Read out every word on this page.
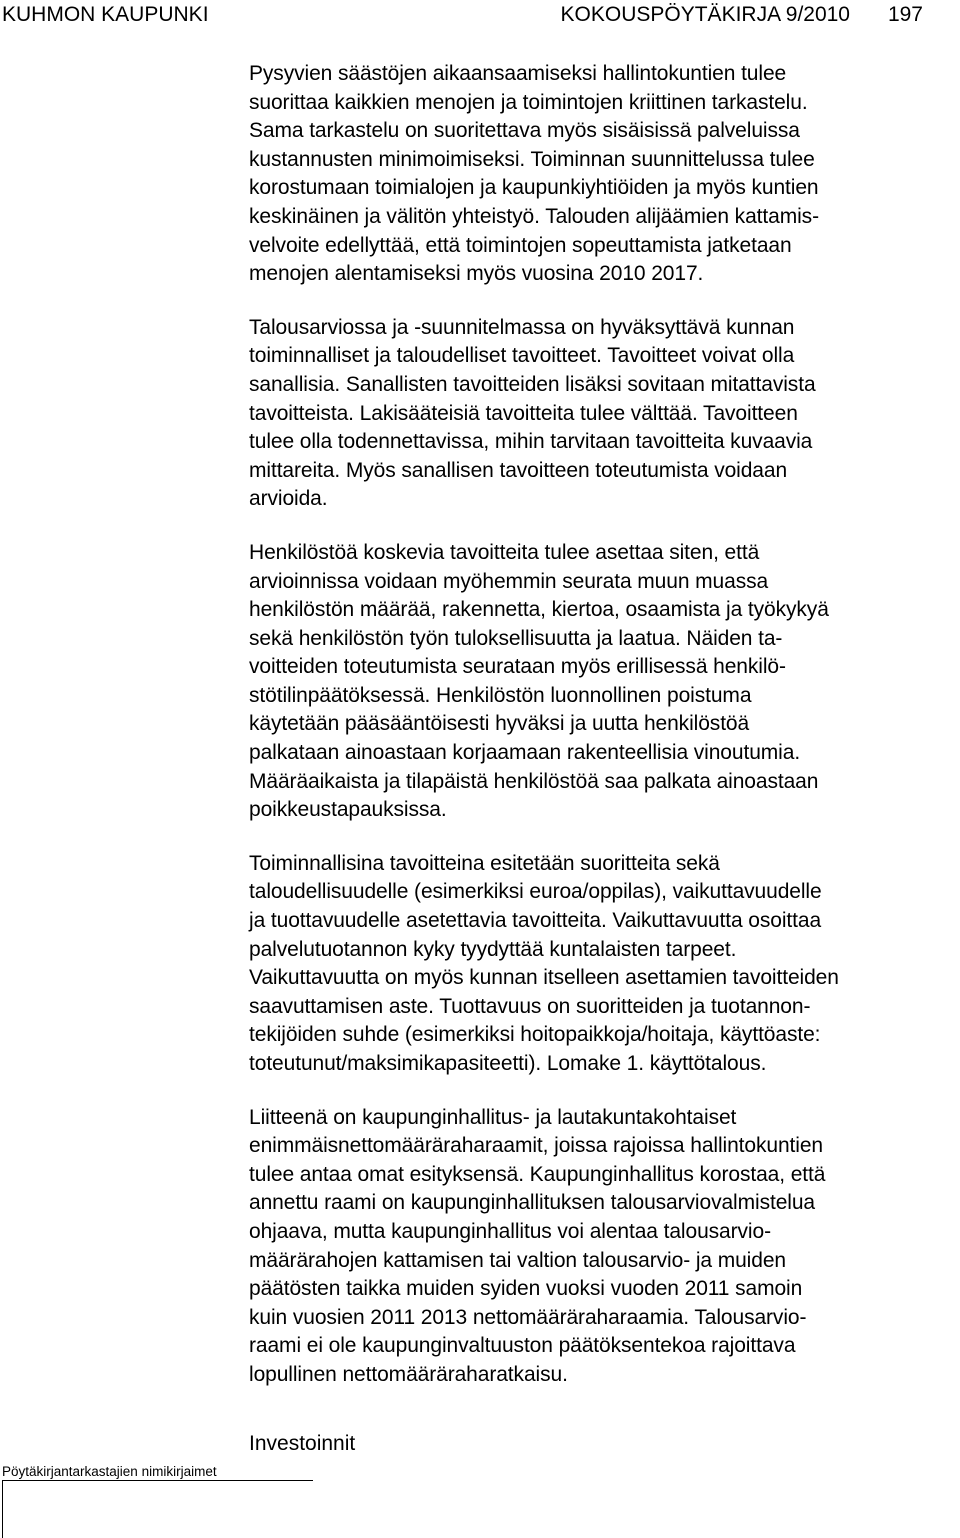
KUHMON KAUPUNKI	KOKOUSPÖYTÄKIRJA 9/2010 197

Pysyvien säästöjen aikaansaamiseksi hallintokuntien tulee
suorittaa kaikkien menojen ja toimintojen kriittinen tarkastelu.
Sama tarkastelu on suoritettava myös sisäisissä palveluissa
kustannusten minimoimiseksi. Toiminnan suunnittelussa tulee
korostumaan toimialojen ja kaupunkiyhtiöiden ja myös kuntien
keskinäinen ja välitön yhteistyö. Talouden alijäämien kattamis-
velvoite edellyttää, että toimintojen sopeuttamista jatketaan
menojen alentamiseksi myös vuosina 2010 2017.

Talousarviossa ja -suunnitelmassa on hyväksyttävä kunnan
toiminnalliset ja taloudelliset tavoitteet. Tavoitteet voivat olla
sanallisia. Sanallisten tavoitteiden lisäksi sovitaan mitattavista
tavoitteista. Lakisääteisiä tavoitteita tulee välttää. Tavoitteen
tulee olla todennettavissa, mihin tarvitaan tavoitteita kuvaavia
mittareita. Myös sanallisen tavoitteen toteutumista voidaan
arvioida.

Henkilöstöä koskevia tavoitteita tulee asettaa siten, että
arvioinnissa voidaan myöhemmin seurata muun muassa
henkilöstön määrää, rakennetta, kiertoa, osaamista ja työkykyä
sekä henkilöstön työn tuloksellisuutta ja laatua. Näiden ta-
voitteiden toteutumista seurataan myös erillisessä henkilö-
stötilinpäätöksessä. Henkilöstön luonnollinen poistuma
käytetään pääsääntöisesti hyväksi ja uutta henkilöstöä
palkataan ainoastaan korjaamaan rakenteellisia vinoutumia.
Määräaikaista ja tilapäistä henkilöstöä saa palkata ainoastaan
poikkeustapauksissa.

Toiminnallisina tavoitteina esitetään suoritteita sekä
taloudellisuudelle (esimerkiksi euroa/oppilas), vaikuttavuudelle
ja tuottavuudelle asetettavia tavoitteita. Vaikuttavuutta osoittaa
palvelutuotannon kyky tyydyttää kuntalaisten tarpeet.
Vaikuttavuutta on myös kunnan itselleen asettamien tavoitteiden
saavuttamisen aste. Tuottavuus on suoritteiden ja tuotannon-
tekijöiden suhde (esimerkiksi hoitopaikkoja/hoitaja, käyttöaste:
toteutunut/maksimikapasiteetti). Lomake 1. käyttötalous.

Liitteenä on kaupunginhallitus- ja lautakuntakohtaiset
enimmäisnettomääräraharaamit, joissa rajoissa hallintokuntien
tulee antaa omat esityksensä. Kaupunginhallitus korostaa, että
annettu raami on kaupunginhallituksen talousarviovalmistelua
ohjaava, mutta kaupunginhallitus voi alentaa talousarvio-
määrärahojen kattamisen tai valtion talousarvio- ja muiden
päätösten taikka muiden syiden vuoksi vuoden 2011 samoin
kuin vuosien 2011 2013 nettomääräraharaamia. Talousarvio-
raami ei ole kaupunginvaltuuston päätöksentekoa rajoittava
lopullinen nettomääräraharatkaisu.

Investoinnit
Pöytäkirjantarkastajien nimikirjaimet
